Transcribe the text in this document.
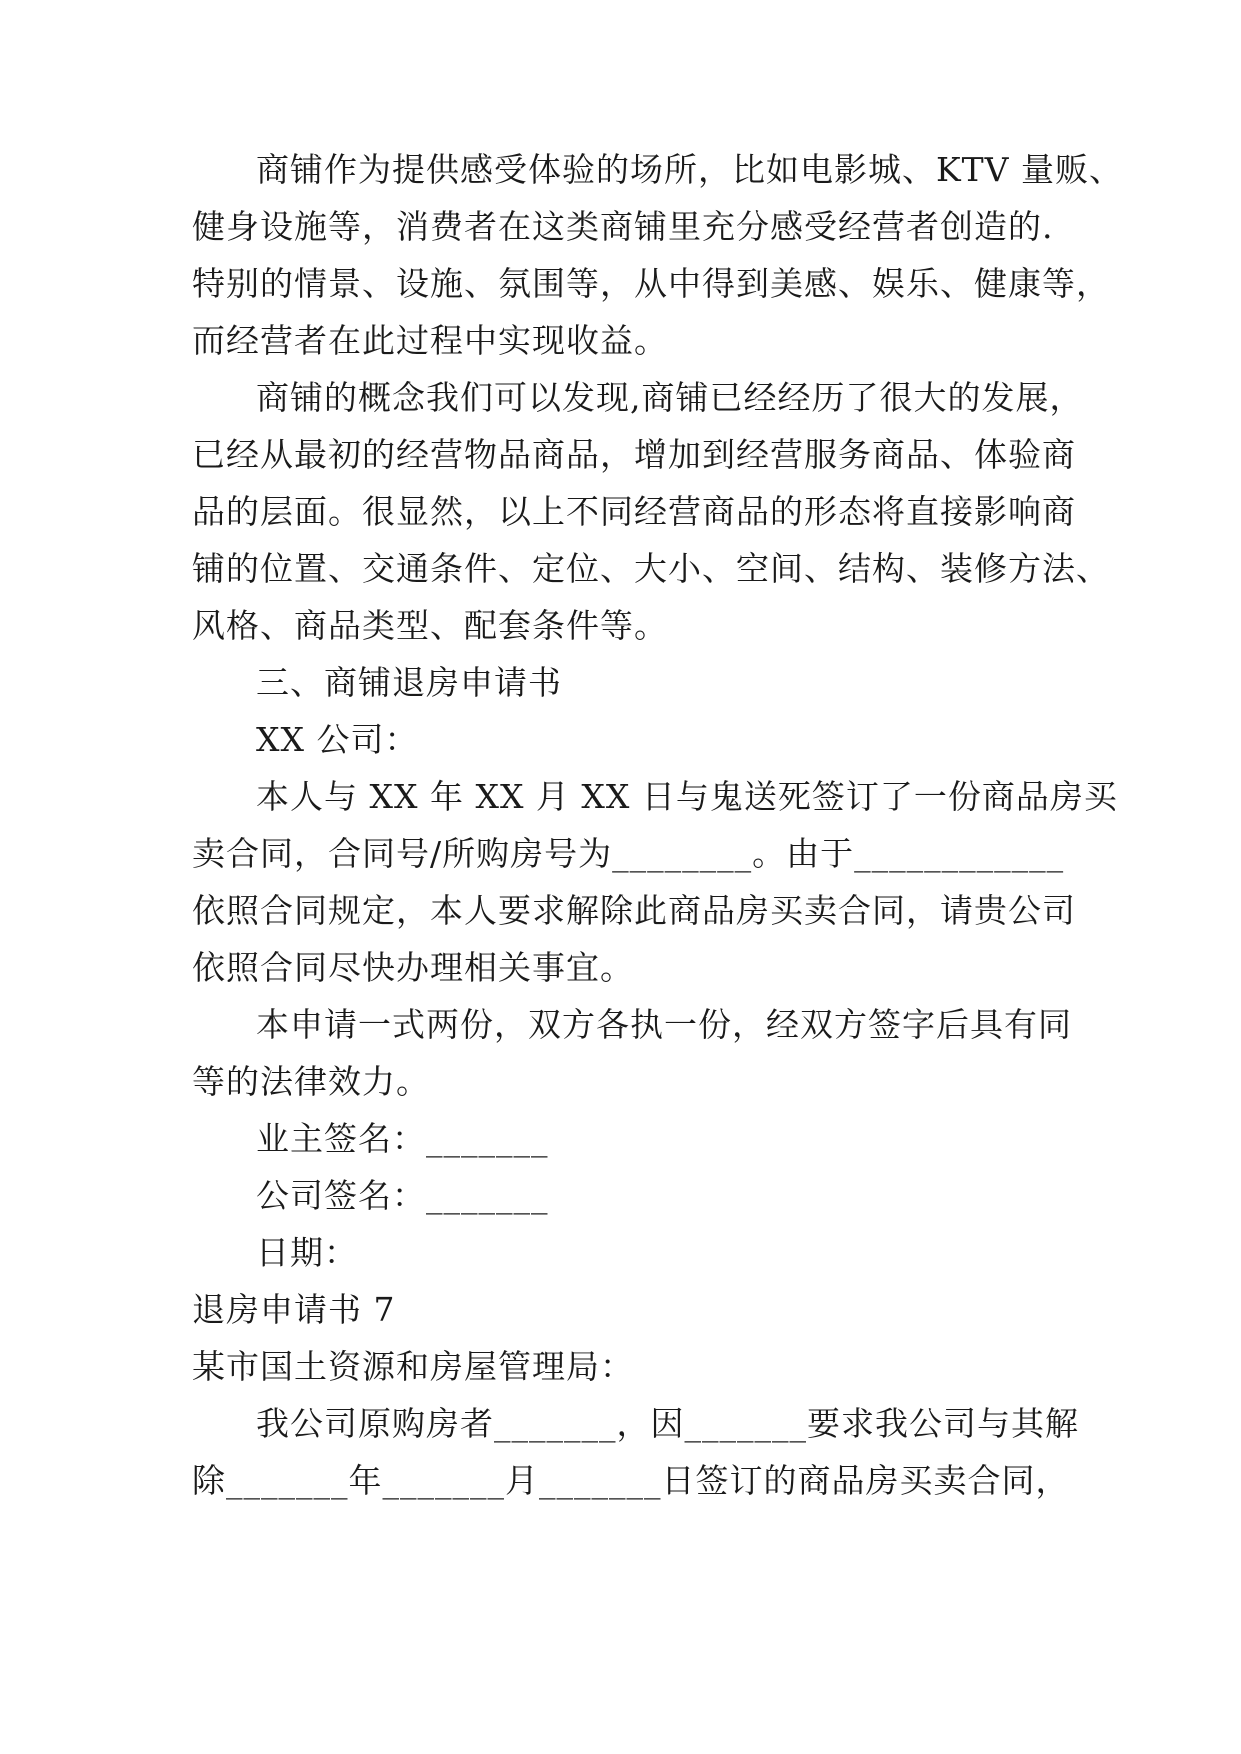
商铺作为提供感受体验的场所，比如电影城、KTV 量贩、
健身设施等，消费者在这类商铺里充分感受经营者创造的.
特别的情景、设施、氛围等，从中得到美感、娱乐、健康等，
而经营者在此过程中实现收益。
商铺的概念我们可以发现,商铺已经经历了很大的发展，
已经从最初的经营物品商品，增加到经营服务商品、体验商
品的层面。很显然，以上不同经营商品的形态将直接影响商
铺的位置、交通条件、定位、大小、空间、结构、装修方法、
风格、商品类型、配套条件等。
三、商铺退房申请书
XX 公司：
本人与 XX 年 XX 月 XX 日与鬼送死签订了一份商品房买
卖合同，合同号/所购房号为________。由于____________
依照合同规定，本人要求解除此商品房买卖合同，请贵公司
依照合同尽快办理相关事宜。
本申请一式两份，双方各执一份，经双方签字后具有同
等的法律效力。
业主签名：_______
公司签名：_______
日期：
退房申请书 7
某市国土资源和房屋管理局：
我公司原购房者_______，因_______要求我公司与其解
除_______年_______月_______日签订的商品房买卖合同，
